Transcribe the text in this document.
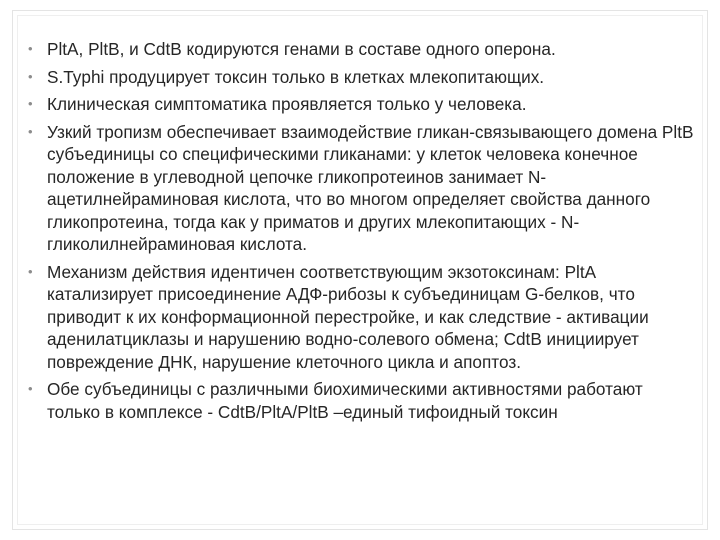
• PltA, PltB, и CdtB кодируются генами в составе одного оперона.
• S.Typhi продуцирует токсин только в клетках млекопитающих.
• Клиническая симптоматика проявляется только у человека.
• Узкий тропизм обеспечивает взаимодействие гликан-связывающего домена PltB субъединицы со специфическими гликанами: у клеток человека конечное положение в углеводной цепочке гликопротеинов занимает N-ацетилнейраминовая кислота, что во многом определяет свойства данного гликопротеина, тогда как у приматов и других млекопитающих - N-гликолилнейраминовая кислота.
• Механизм действия идентичен соответствующим экзотоксинам: PltA катализирует присоединение АДФ-рибозы к субъединицам G-белков, что приводит к их конформационной перестройке, и как следствие - активации аденилатциклазы и нарушению водно-солевого обмена; CdtB инициирует повреждение ДНК, нарушение клеточного цикла и апоптоз.
• Обе субъединицы с различными биохимическими активностями работают только в комплексе - CdtB/PltA/PltB –единый тифоидный токсин
